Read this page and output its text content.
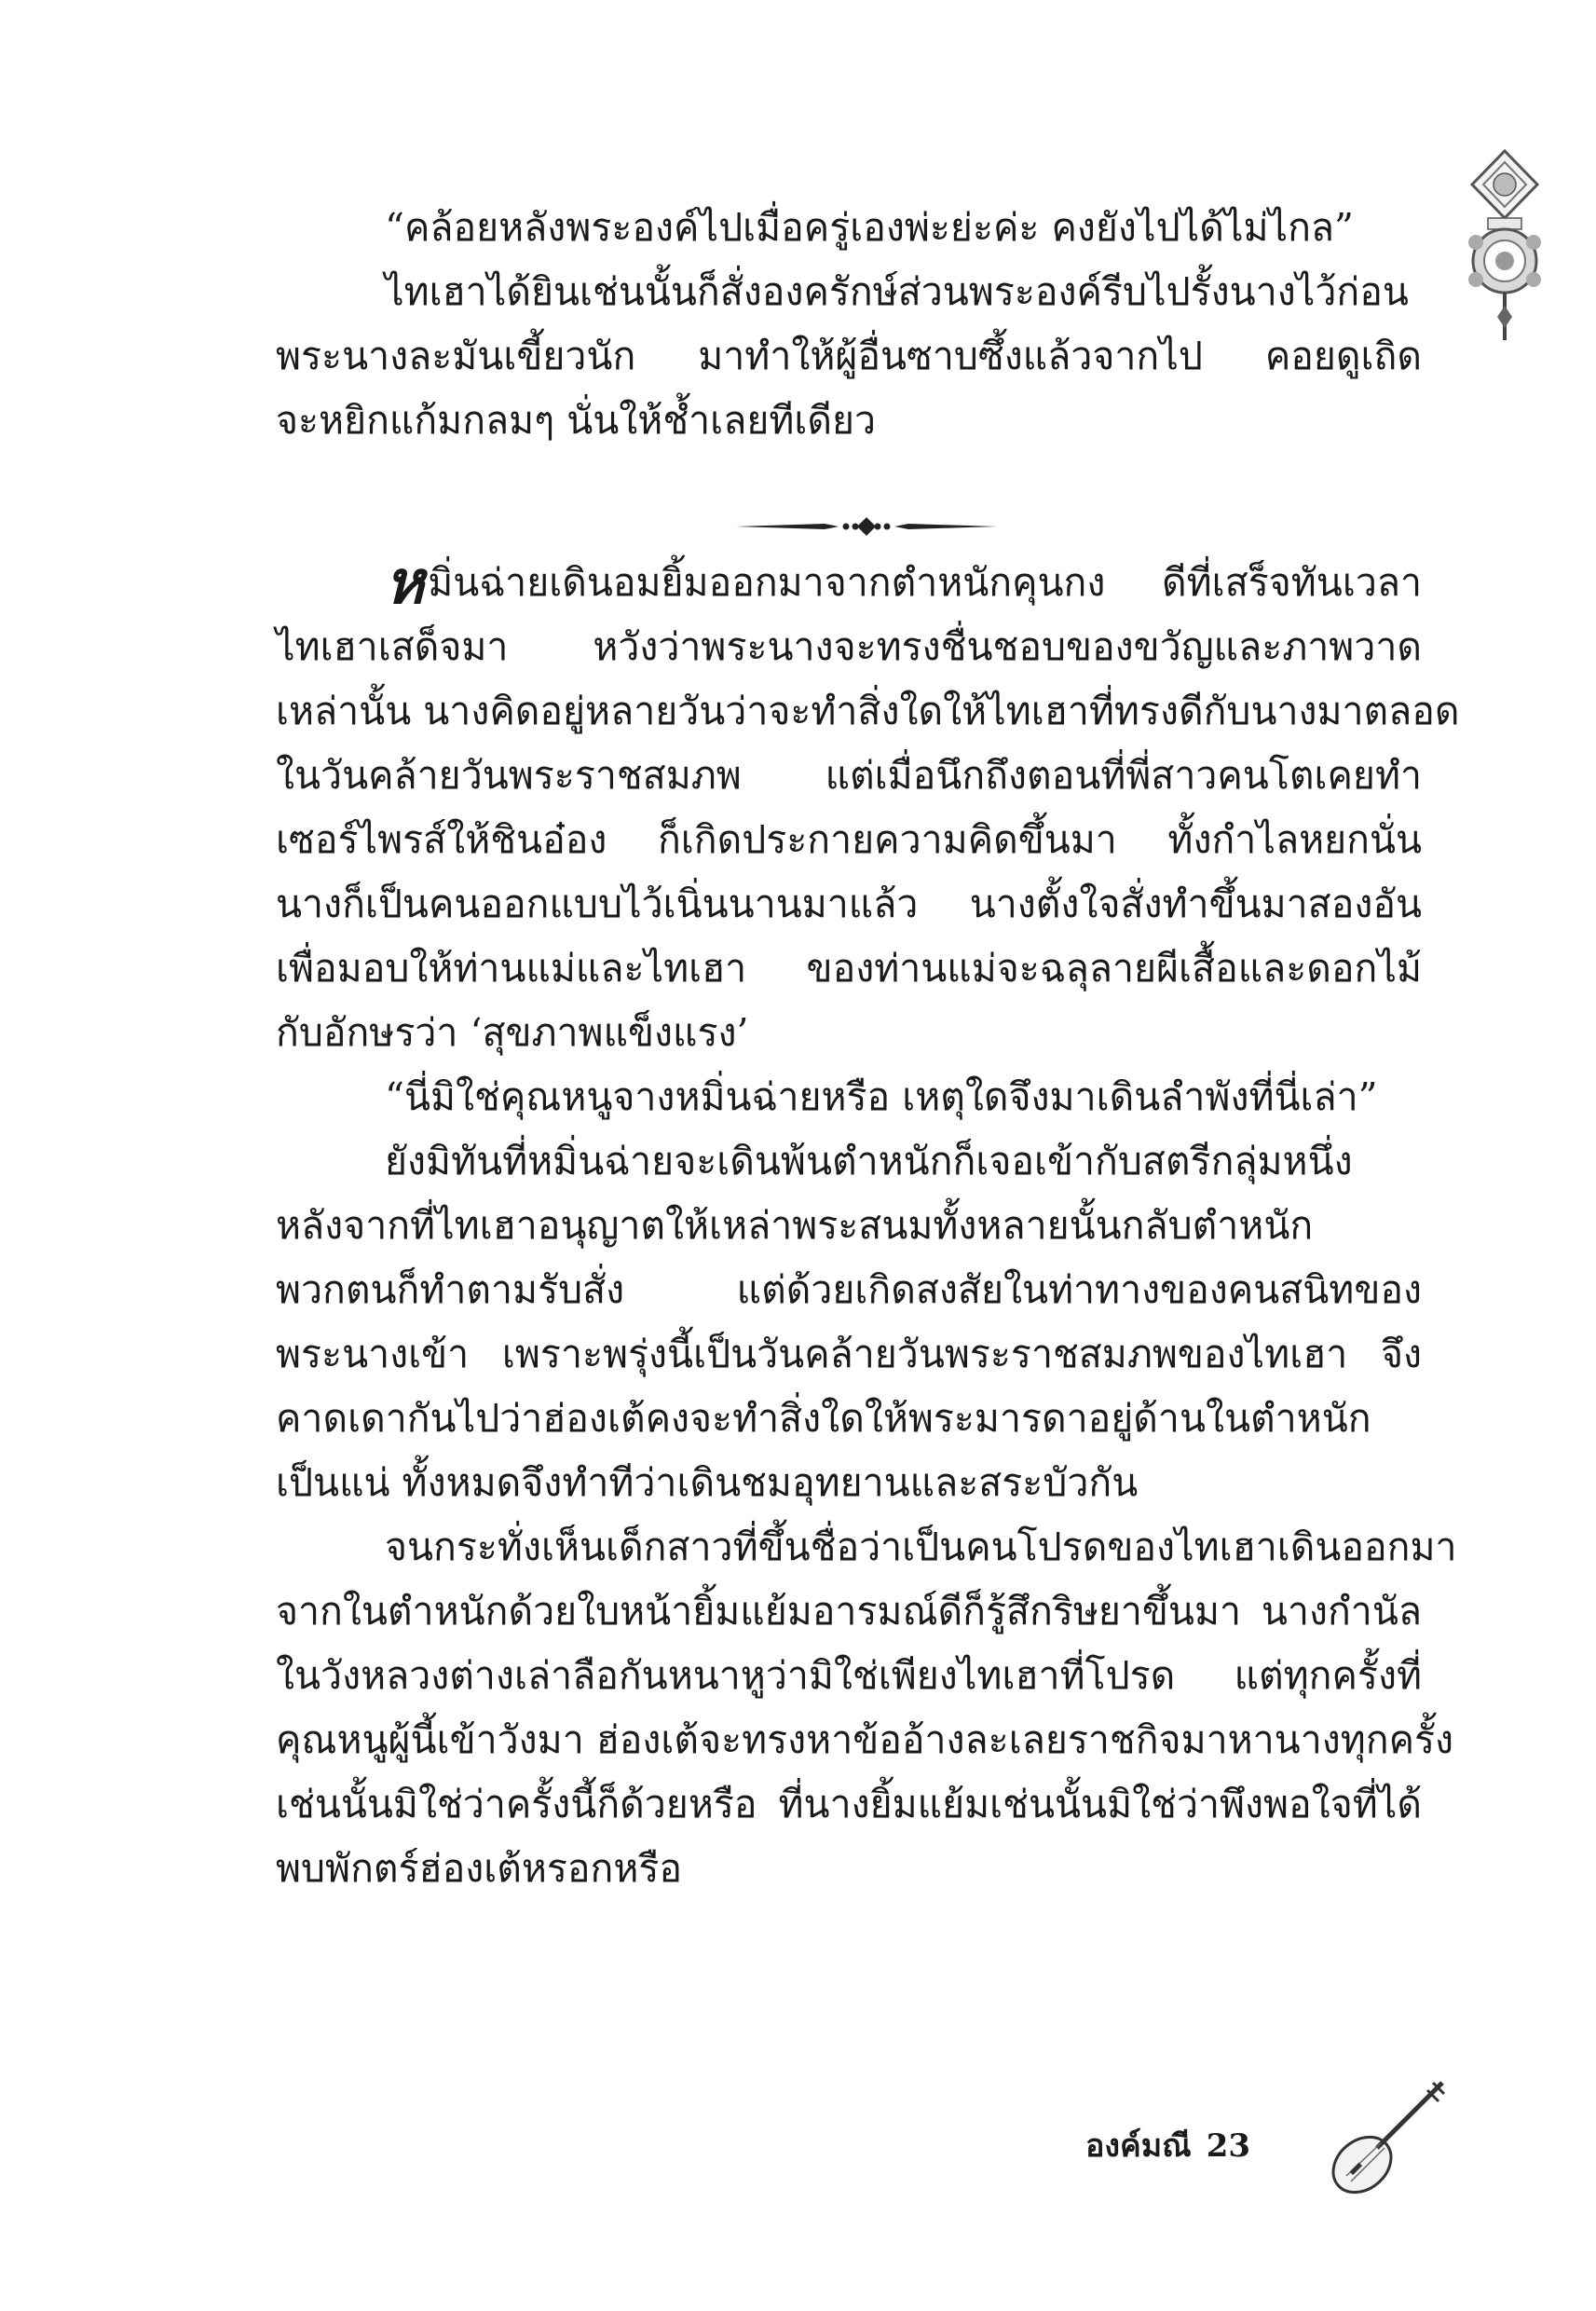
“คล้อยหลังพระองค์ไปเมื่อครู่เองพ่ะย่ะค่ะ คงยังไปได้ไม่ไกล”
ไทเฮาได้ยินเช่นนั้นก็สั่งองครักษ์ส่วนพระองค์รีบไปรั้งนางไว้ก่อน
พระนางละมันเขี้ยวนัก มาทำให้ผู้อื่นซาบซึ้งแล้วจากไป คอยดูเถิด
จะหยิกแก้มกลมๆ นั่นให้ช้ำเลยทีเดียว
หมิ่นฉ่ายเดินอมยิ้มออกมาจากตำหนักคุนกง ดีที่เสร็จทันเวลา
ไทเฮาเสด็จมา หวังว่าพระนางจะทรงชื่นชอบของขวัญและภาพวาด
เหล่านั้น นางคิดอยู่หลายวันว่าจะทำสิ่งใดให้ไทเฮาที่ทรงดีกับนางมาตลอด
ในวันคล้ายวันพระราชสมภพ แต่เมื่อนึกถึงตอนที่พี่สาวคนโตเคยทำ
เซอร์ไพรส์ให้ชินอ๋อง ก็เกิดประกายความคิดขึ้นมา ทั้งกำไลหยกนั่น
นางก็เป็นคนออกแบบไว้เนิ่นนานมาแล้ว นางตั้งใจสั่งทำขึ้นมาสองอัน
เพื่อมอบให้ท่านแม่และไทเฮา ของท่านแม่จะฉลุลายผีเสื้อและดอกไม้
กับอักษรว่า ‘สุขภาพแข็งแรง’
“นี่มิใช่คุณหนูจางหมิ่นฉ่ายหรือ เหตุใดจึงมาเดินลำพังที่นี่เล่า”
ยังมิทันที่หมิ่นฉ่ายจะเดินพ้นตำหนักก็เจอเข้ากับสตรีกลุ่มหนึ่ง
หลังจากที่ไทเฮาอนุญาตให้เหล่าพระสนมทั้งหลายนั้นกลับตำหนัก
พวกตนก็ทำตามรับสั่ง แต่ด้วยเกิดสงสัยในท่าทางของคนสนิทของ
พระนางเข้า เพราะพรุ่งนี้เป็นวันคล้ายวันพระราชสมภพของไทเฮา จึง
คาดเดากันไปว่าฮ่องเต้คงจะทำสิ่งใดให้พระมารดาอยู่ด้านในตำหนัก
เป็นแน่ ทั้งหมดจึงทำทีว่าเดินชมอุทยานและสระบัวกัน
จนกระทั่งเห็นเด็กสาวที่ขึ้นชื่อว่าเป็นคนโปรดของไทเฮาเดินออกมา
จากในตำหนักด้วยใบหน้ายิ้มแย้มอารมณ์ดีก็รู้สึกริษยาขึ้นมา นางกำนัล
ในวังหลวงต่างเล่าลือกันหนาหูว่ามิใช่เพียงไทเฮาที่โปรด แต่ทุกครั้งที่
คุณหนูผู้นี้เข้าวังมา ฮ่องเต้จะทรงหาข้ออ้างละเลยราชกิจมาหานางทุกครั้ง
เช่นนั้นมิใช่ว่าครั้งนี้ก็ด้วยหรือ ที่นางยิ้มแย้มเช่นนั้นมิใช่ว่าพึงพอใจที่ได้
พบพักตร์ฮ่องเต้หรอกหรือ
องค์มณี 23
